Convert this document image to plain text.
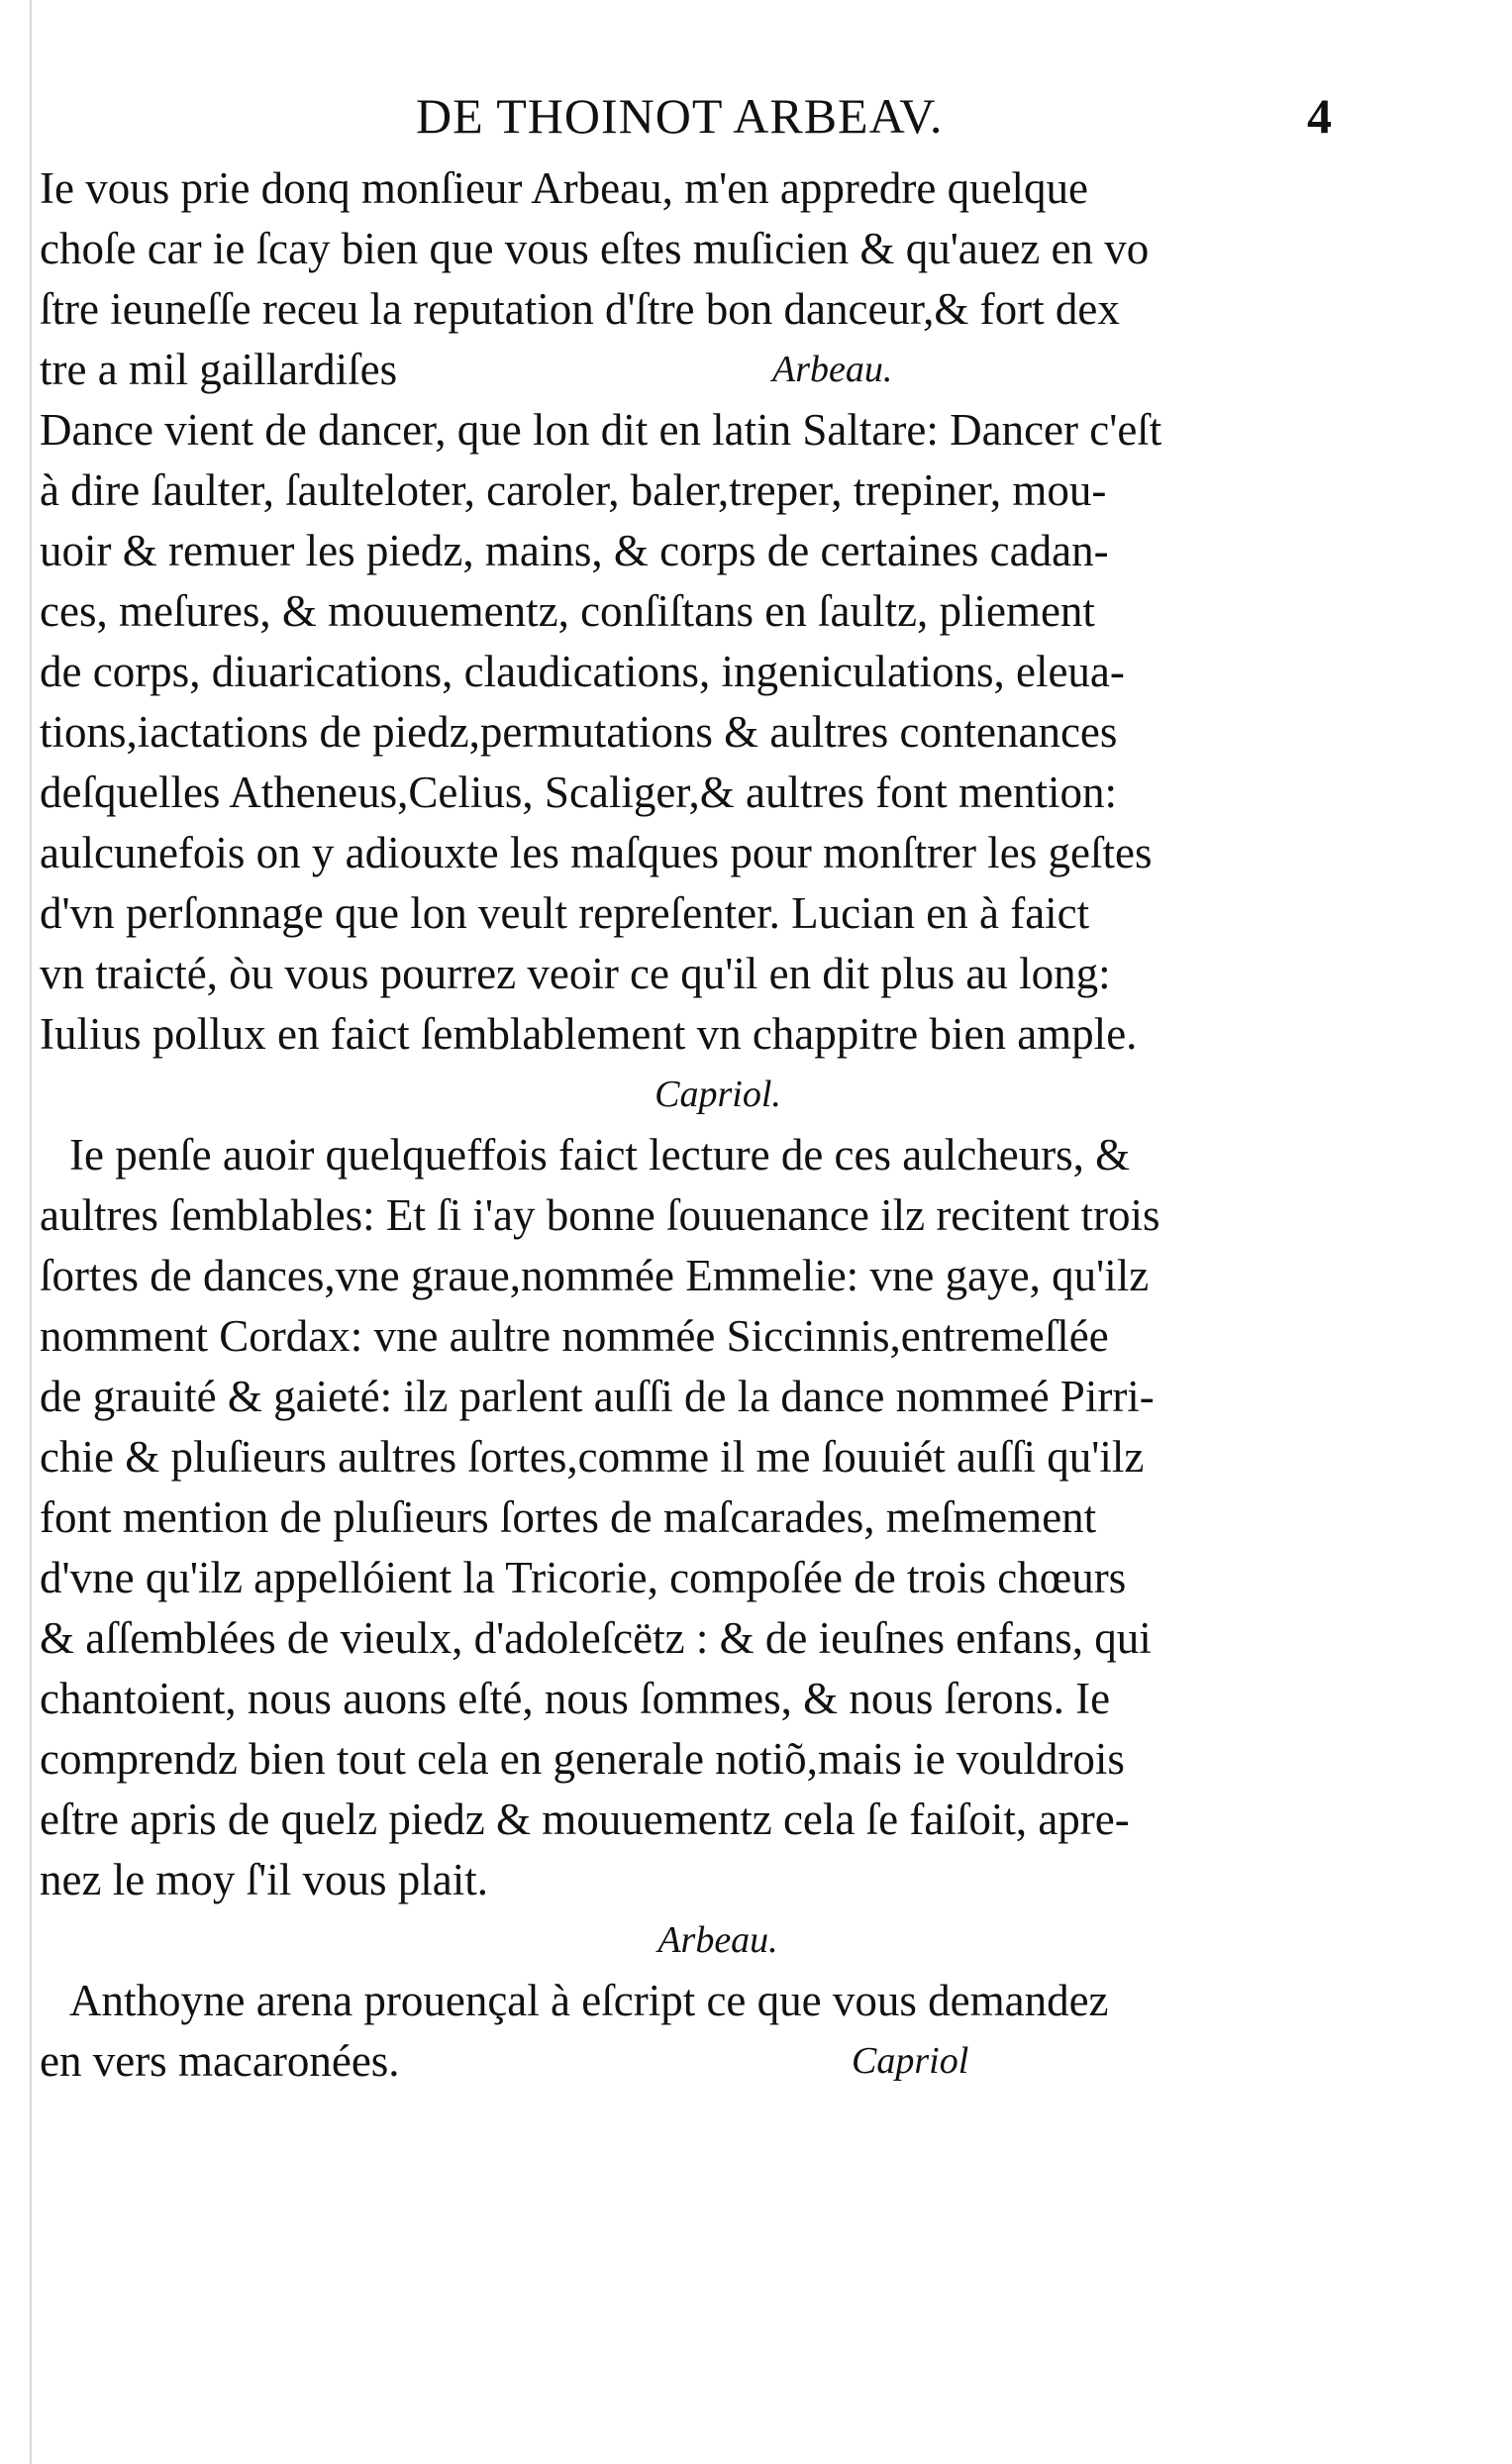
DE THOINOT ARBEAV.	4
Ie vous prie donq monſieur Arbeau, m'en appredre quelque
choſe car ie ſcay bien que vous eſtes muſicien & qu'auez en vo
ſtre ieuneſſe receu la reputation d'ſtre bon danceur,& fort dex
tre a mil gaillardiſes	Arbeau.
Dance vient de dancer, que lon dit en latin Saltare: Dancer c'eſt
à dire ſaulter, ſaulteloter, caroler, baler,treper, trepiner, mou-
uoir & remuer les piedz, mains, & corps de certaines cadan-
ces, meſures, & mouuementz, conſiſtans en ſaultz, pliement
de corps, diuarications, claudications, ingeniculations, eleua-
tions,iactations de piedz,permutations & aultres contenances
deſquelles Atheneus,Celius, Scaliger,& aultres font mention:
aulcunefois on y adiouxte les maſques pour monſtrer les geſtes
d'vn perſonnage que lon veult repreſenter. Lucian en à faict
vn traicté, òu vous pourrez veoir ce qu'il en dit plus au long:
Iulius pollux en faict ſemblablement vn chappitre bien ample.
Capriol.
Ie penſe auoir quelqueffois faict lecture de ces aulcheurs, &
aultres ſemblables: Et ſi i'ay bonne ſouuenance ilz recitent trois
ſortes de dances,vne graue,nommée Emmelie: vne gaye, qu'ilz
nomment Cordax: vne aultre nommée Siccinnis,entremeſlée
de grauité & gaieté: ilz parlent auſſi de la dance nommeé Pirri-
chie & pluſieurs aultres ſortes,comme il me ſouuiét auſſi qu'ilz
font mention de pluſieurs ſortes de maſcarades, meſmement
d'vne qu'ilz appellóient la Tricorie, compoſée de trois chœurs
& aſſemblées de vieulx, d'adoleſcëtz : & de ieuſnes enfans, qui
chantoient, nous auons eſté, nous ſommes, & nous ſerons. Ie
comprendz bien tout cela en generale notiõ,mais ie vouldrois
eſtre apris de quelz piedz & mouuementz cela ſe faiſoit, apre-
nez le moy ſ'il vous plait.
Arbeau.
Anthoyne arena prouençal à eſcript ce que vous demandez
en vers macaronées.	Capriol
